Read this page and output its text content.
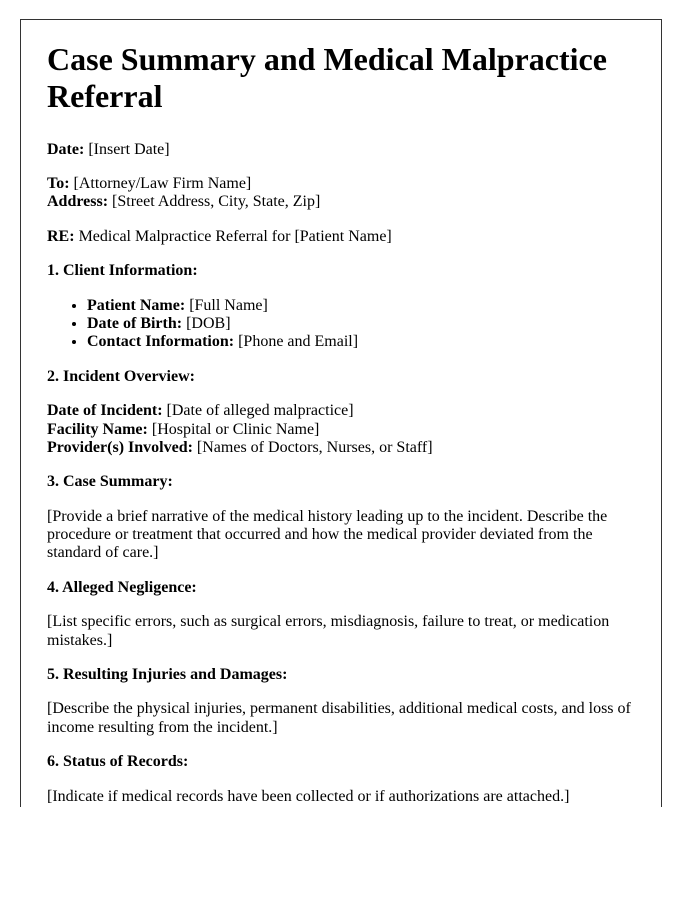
Case Summary and Medical Malpractice Referral

Date: [Insert Date]

To: [Attorney/Law Firm Name]
Address: [Street Address, City, State, Zip]

RE: Medical Malpractice Referral for [Patient Name]

1. Client Information:

• Patient Name: [Full Name]
• Date of Birth: [DOB]
• Contact Information: [Phone and Email]

2. Incident Overview:

Date of Incident: [Date of alleged malpractice]
Facility Name: [Hospital or Clinic Name]
Provider(s) Involved: [Names of Doctors, Nurses, or Staff]

3. Case Summary:

[Provide a brief narrative of the medical history leading up to the incident. Describe the procedure or treatment that occurred and how the medical provider deviated from the standard of care.]

4. Alleged Negligence:

[List specific errors, such as surgical errors, misdiagnosis, failure to treat, or medication mistakes.]

5. Resulting Injuries and Damages:

[Describe the physical injuries, permanent disabilities, additional medical costs, and loss of income resulting from the incident.]

6. Status of Records:

[Indicate if medical records have been collected or if authorizations are attached.]
